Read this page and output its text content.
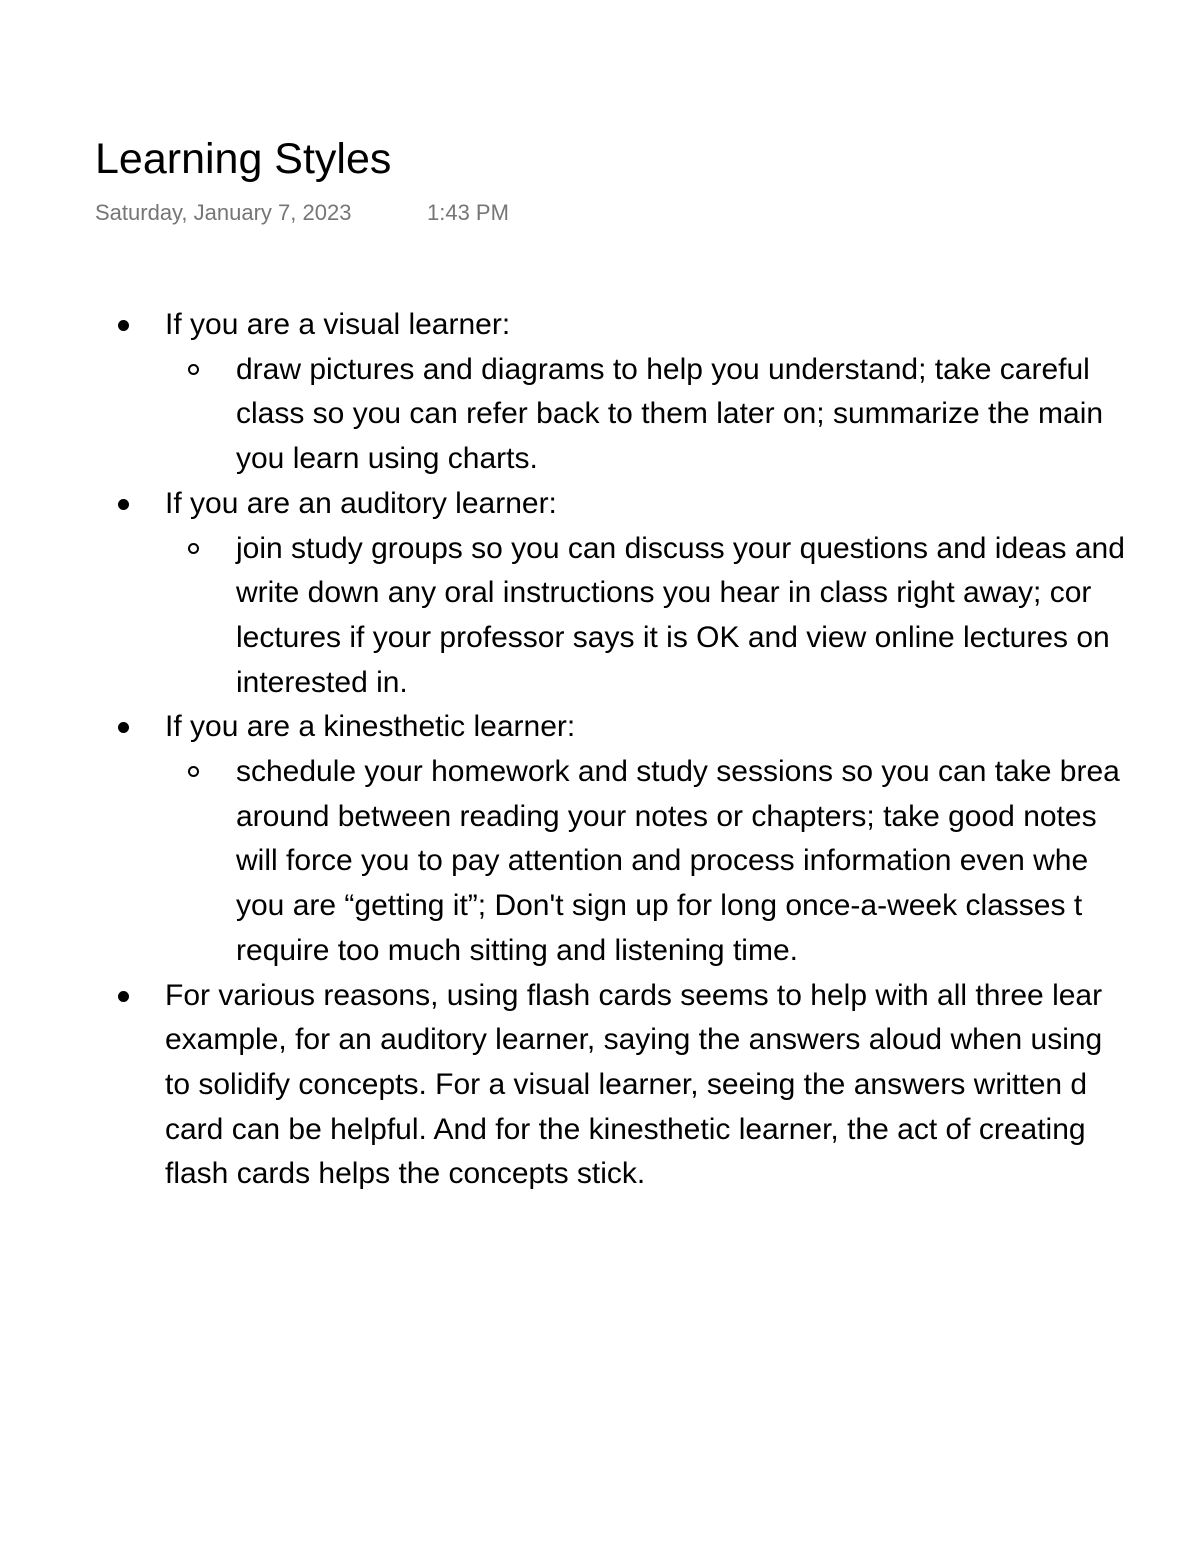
Learning Styles
Saturday, January 7, 2023	1:43 PM
If you are a visual learner:
draw pictures and diagrams to help you understand; take careful
class so you can refer back to them later on; summarize the main
you learn using charts.
If you are an auditory learner:
join study groups so you can discuss your questions and ideas and
write down any oral instructions you hear in class right away; cor
lectures if your professor says it is OK and view online lectures on
interested in.
If you are a kinesthetic learner:
schedule your homework and study sessions so you can take brea
around between reading your notes or chapters; take good notes
will force you to pay attention and process information even whe
you are “getting it”; Don't sign up for long once-a-week classes t
require too much sitting and listening time.
For various reasons, using flash cards seems to help with all three lear
example, for an auditory learner, saying the answers aloud when using
to solidify concepts. For a visual learner, seeing the answers written d
card can be helpful. And for the kinesthetic learner, the act of creating
flash cards helps the concepts stick.
